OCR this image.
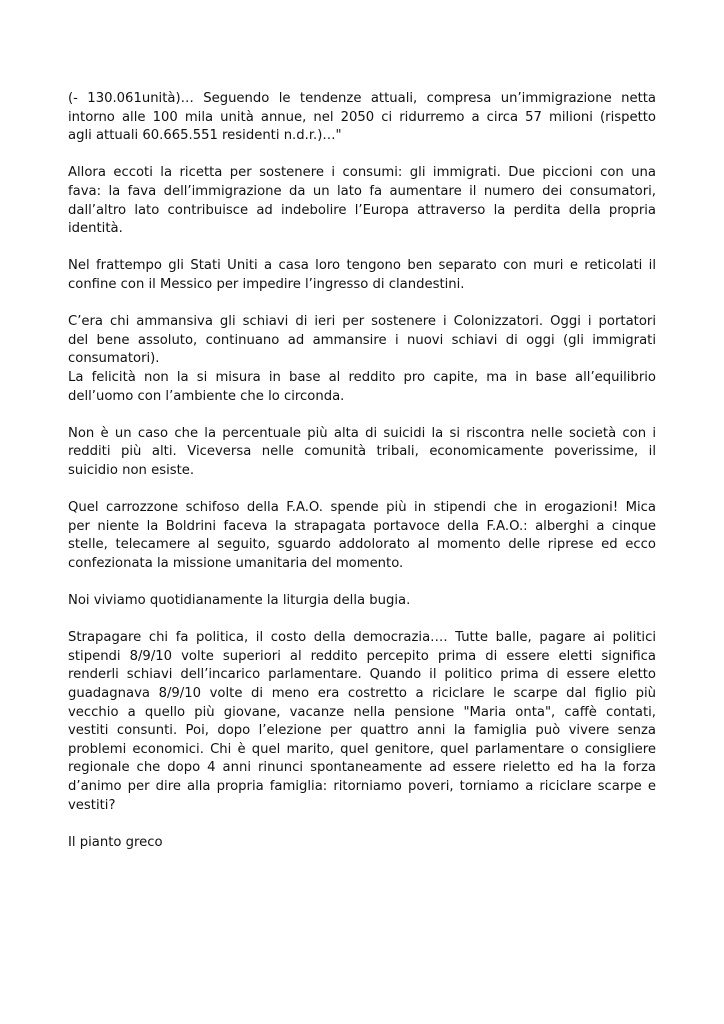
(- 130.061unità)… Seguendo le tendenze attuali, compresa un’immigrazione netta
intorno alle 100 mila unità annue, nel 2050 ci ridurremo a circa 57 milioni (rispetto
agli attuali 60.665.551 residenti n.d.r.)…"

Allora eccoti la ricetta per sostenere i consumi: gli immigrati. Due piccioni con una
fava: la fava dell’immigrazione da un lato fa aumentare il numero dei consumatori,
dall’altro lato contribuisce ad indebolire l’Europa attraverso la perdita della propria
identità.

Nel frattempo gli Stati Uniti a casa loro tengono ben separato con muri e reticolati il
confine con il Messico per impedire l’ingresso di clandestini.

C’era chi ammansiva gli schiavi di ieri per sostenere i Colonizzatori. Oggi i portatori
del bene assoluto, continuano ad ammansire i nuovi schiavi di oggi (gli immigrati
consumatori).

La felicità non la si misura in base al reddito pro capite, ma in base all’equilibrio
dell’uomo con l’ambiente che lo circonda.

Non è un caso che la percentuale più alta di suicidi la si riscontra nelle società con i
redditi più alti. Viceversa nelle comunità tribali, economicamente poverissime, il
suicidio non esiste.

Quel carrozzone schifoso della F.A.O. spende più in stipendi che in erogazioni! Mica
per niente la Boldrini faceva la strapagata portavoce della F.A.O.: alberghi a cinque
stelle, telecamere al seguito, sguardo addolorato al momento delle riprese ed ecco
confezionata la missione umanitaria del momento.

Noi viviamo quotidianamente la liturgia della bugia.

Strapagare chi fa politica, il costo della democrazia…. Tutte balle, pagare ai politici
stipendi 8/9/10 volte superiori al reddito percepito prima di essere eletti significa
renderli schiavi dell’incarico parlamentare. Quando il politico prima di essere eletto
guadagnava 8/9/10 volte di meno era costretto a riciclare le scarpe dal figlio più
vecchio a quello più giovane, vacanze nella pensione "Maria onta", caffè contati,
vestiti consunti. Poi, dopo l’elezione per quattro anni la famiglia può vivere senza
problemi economici. Chi è quel marito, quel genitore, quel parlamentare o consigliere
regionale che dopo 4 anni rinunci spontaneamente ad essere rieletto ed ha la forza
d’animo per dire alla propria famiglia: ritorniamo poveri, torniamo a riciclare scarpe e
vestiti?

Il pianto greco
